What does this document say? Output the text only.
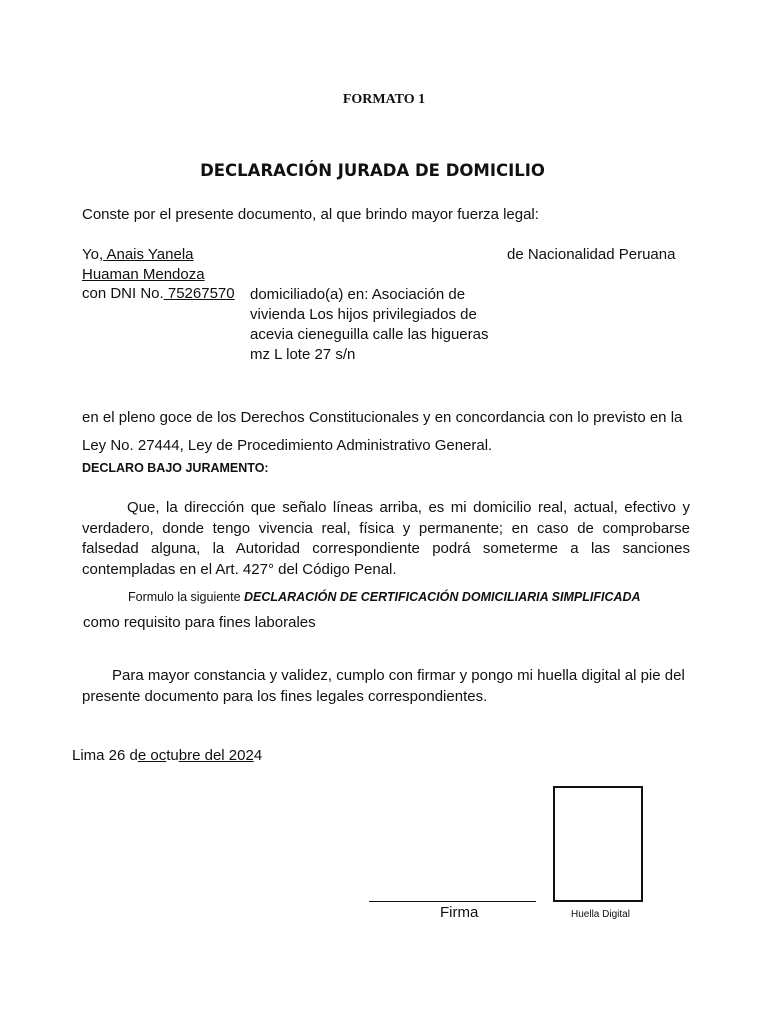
FORMATO 1
DECLARACIÓN JURADA DE DOMICILIO
Conste por el presente documento, al que brindo mayor fuerza legal:
Yo, Anais Yanela	de Nacionalidad Peruana
Huaman Mendoza
con DNI No. 75267570 domiciliado(a) en: Asociación de
vivienda Los hijos privilegiados de
acevia cieneguilla calle las higueras
mz L lote 27 s/n
en el pleno goce de los Derechos Constitucionales y en concordancia con lo previsto en la
Ley No. 27444, Ley de Procedimiento Administrativo General.
DECLARO BAJO JURAMENTO:
Que, la dirección que señalo líneas arriba, es mi domicilio real, actual, efectivo y verdadero, donde tengo vivencia real, física y permanente; en caso de comprobarse falsedad alguna, la Autoridad correspondiente podrá someterme a las sanciones contempladas en el Art. 427° del Código Penal.
Formulo la siguiente DECLARACIÓN DE CERTIFICACIÓN DOMICILIARIA SIMPLIFICADA
como requisito para fines laborales
Para mayor constancia y validez, cumplo con firmar y pongo mi huella digital al pie del presente documento para los fines legales correspondientes.
Lima 26 de octubre del 2024
Firma	Huella Digital
